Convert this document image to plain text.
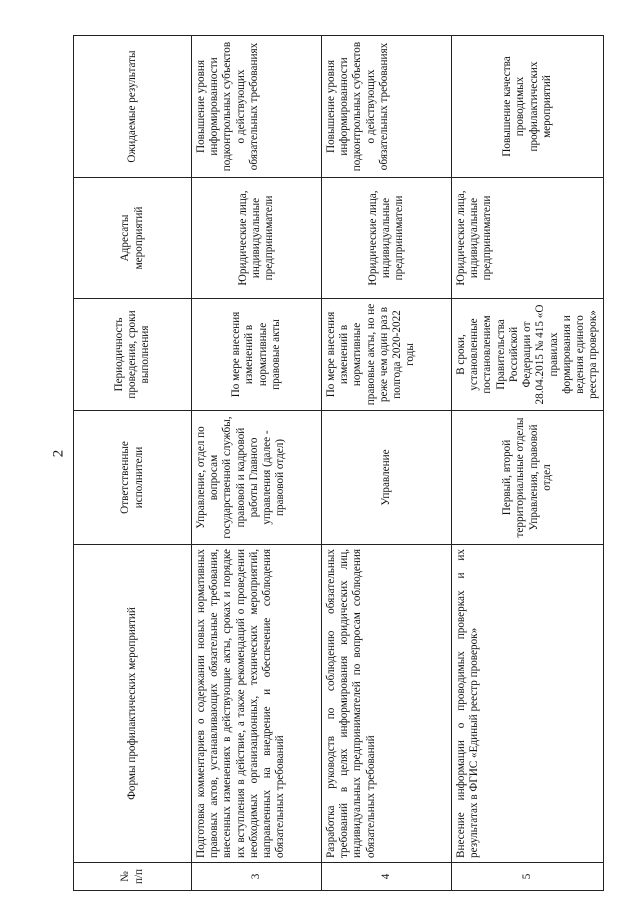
2
№ п/п	Формы профилактических мероприятий	Ответственные исполнители	Периодичность проведения, сроки выполнения	Адресаты мероприятий	Ожидаемые результаты
3	Подготовка комментариев о содержании новых нормативных правовых актов, устанавливающих обязательные требования, внесенных изменениях в действующие акты, сроках и порядке их вступления в действие, а также рекомендаций о проведении необходимых организационных, технических мероприятий, направленных на внедрение и обеспечение соблюдения обязательных требований	Управление, отдел по вопросам государственной службы, правовой и кадровой работы Главного управления (далее - правовой отдел)	По мере внесения изменений в нормативные правовые акты	Юридические лица, индивидуальные предприниматели	Повышение уровня информированности подконтрольных субъектов о действующих обязательных требованиях
4	Разработка руководств по соблюдению обязательных требований в целях информирования юридических лиц, индивидуальных предпринимателей по вопросам соблюдения обязательных требований	Управление	По мере внесения изменений в нормативные правовые акты, но не реже чем один раз в полгода 2020-2022 годы	Юридические лица, индивидуальные предприниматели	Повышение уровня информированности подконтрольных субъектов о действующих обязательных требованиях
5	Внесение информации о проводимых проверках и их результатах в ФГИС «Единый реестр проверок»	Первый, второй территориальные отделы Управления, правовой отдел	В сроки, установленные постановлением Правительства Российской Федерации от 28.04.2015 № 415 «О правилах формирования и ведения единого реестра проверок»	Юридические лица, индивидуальные предприниматели	Повышение качества проводимых профилактических мероприятий
